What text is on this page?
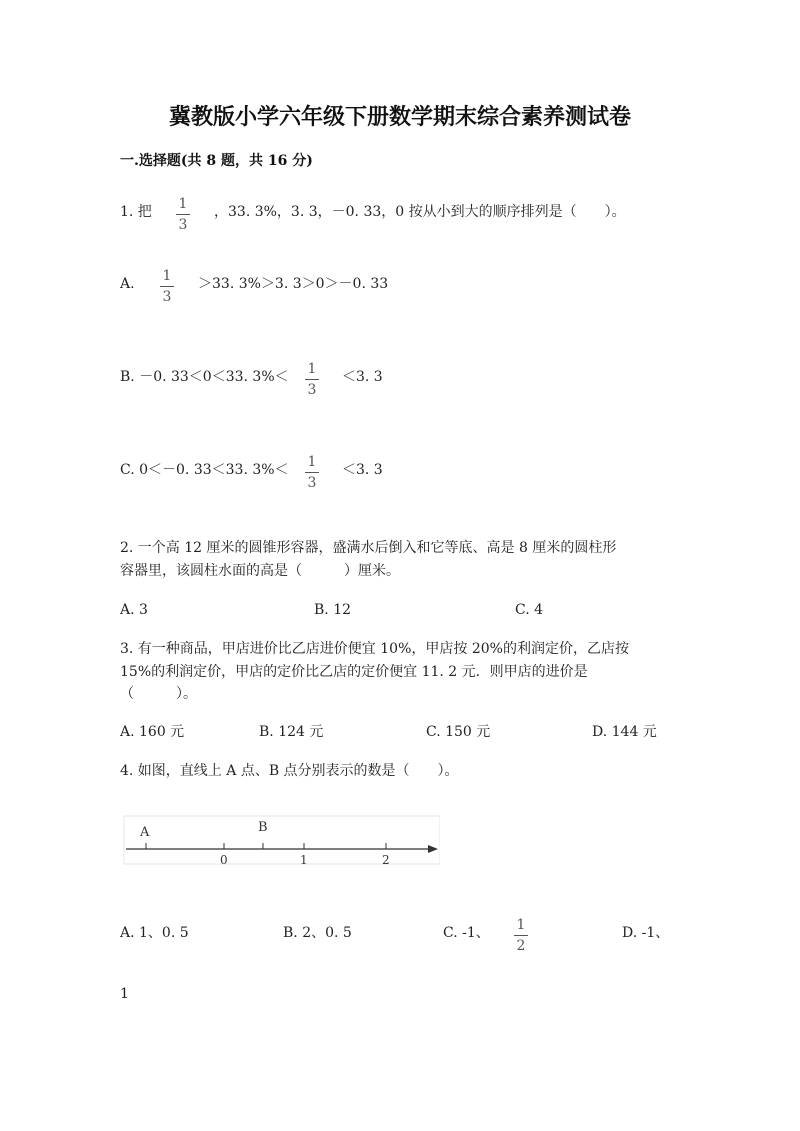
冀教版小学六年级下册数学期末综合素养测试卷
一.选择题(共 8 题，共 16 分)
1. 把 1
3
，33. 3%，3. 3，－0. 33，0 按从小到大的顺序排列是（　　）。
A. 1
3
＞33. 3%＞3. 3＞0＞－0. 33
B. －0. 33＜0＜33. 3%＜ 1
3
＜3. 3
C. 0＜－0. 33＜33. 3%＜ 1
3
＜3. 3
2. 一个高 12 厘米的圆锥形容器，盛满水后倒入和它等底、高是 8 厘米的圆柱形
容器里，该圆柱水面的高是（　　　）厘米。
A. 3	B. 12	C. 4
3. 有一种商品，甲店进价比乙店进价便宜 10%，甲店按 20%的利润定价，乙店按
15%的利润定价，甲店的定价比乙店的定价便宜 11. 2 元．则甲店的进价是
（　　　）。
A. 160 元	B. 124 元	C. 150 元	D. 144 元
4. 如图，直线上 A 点、B 点分别表示的数是（　　）。
A	B
0	1	2
A. 1、0. 5	B. 2、0. 5	C. -1、 1
2
D. -1、
1
